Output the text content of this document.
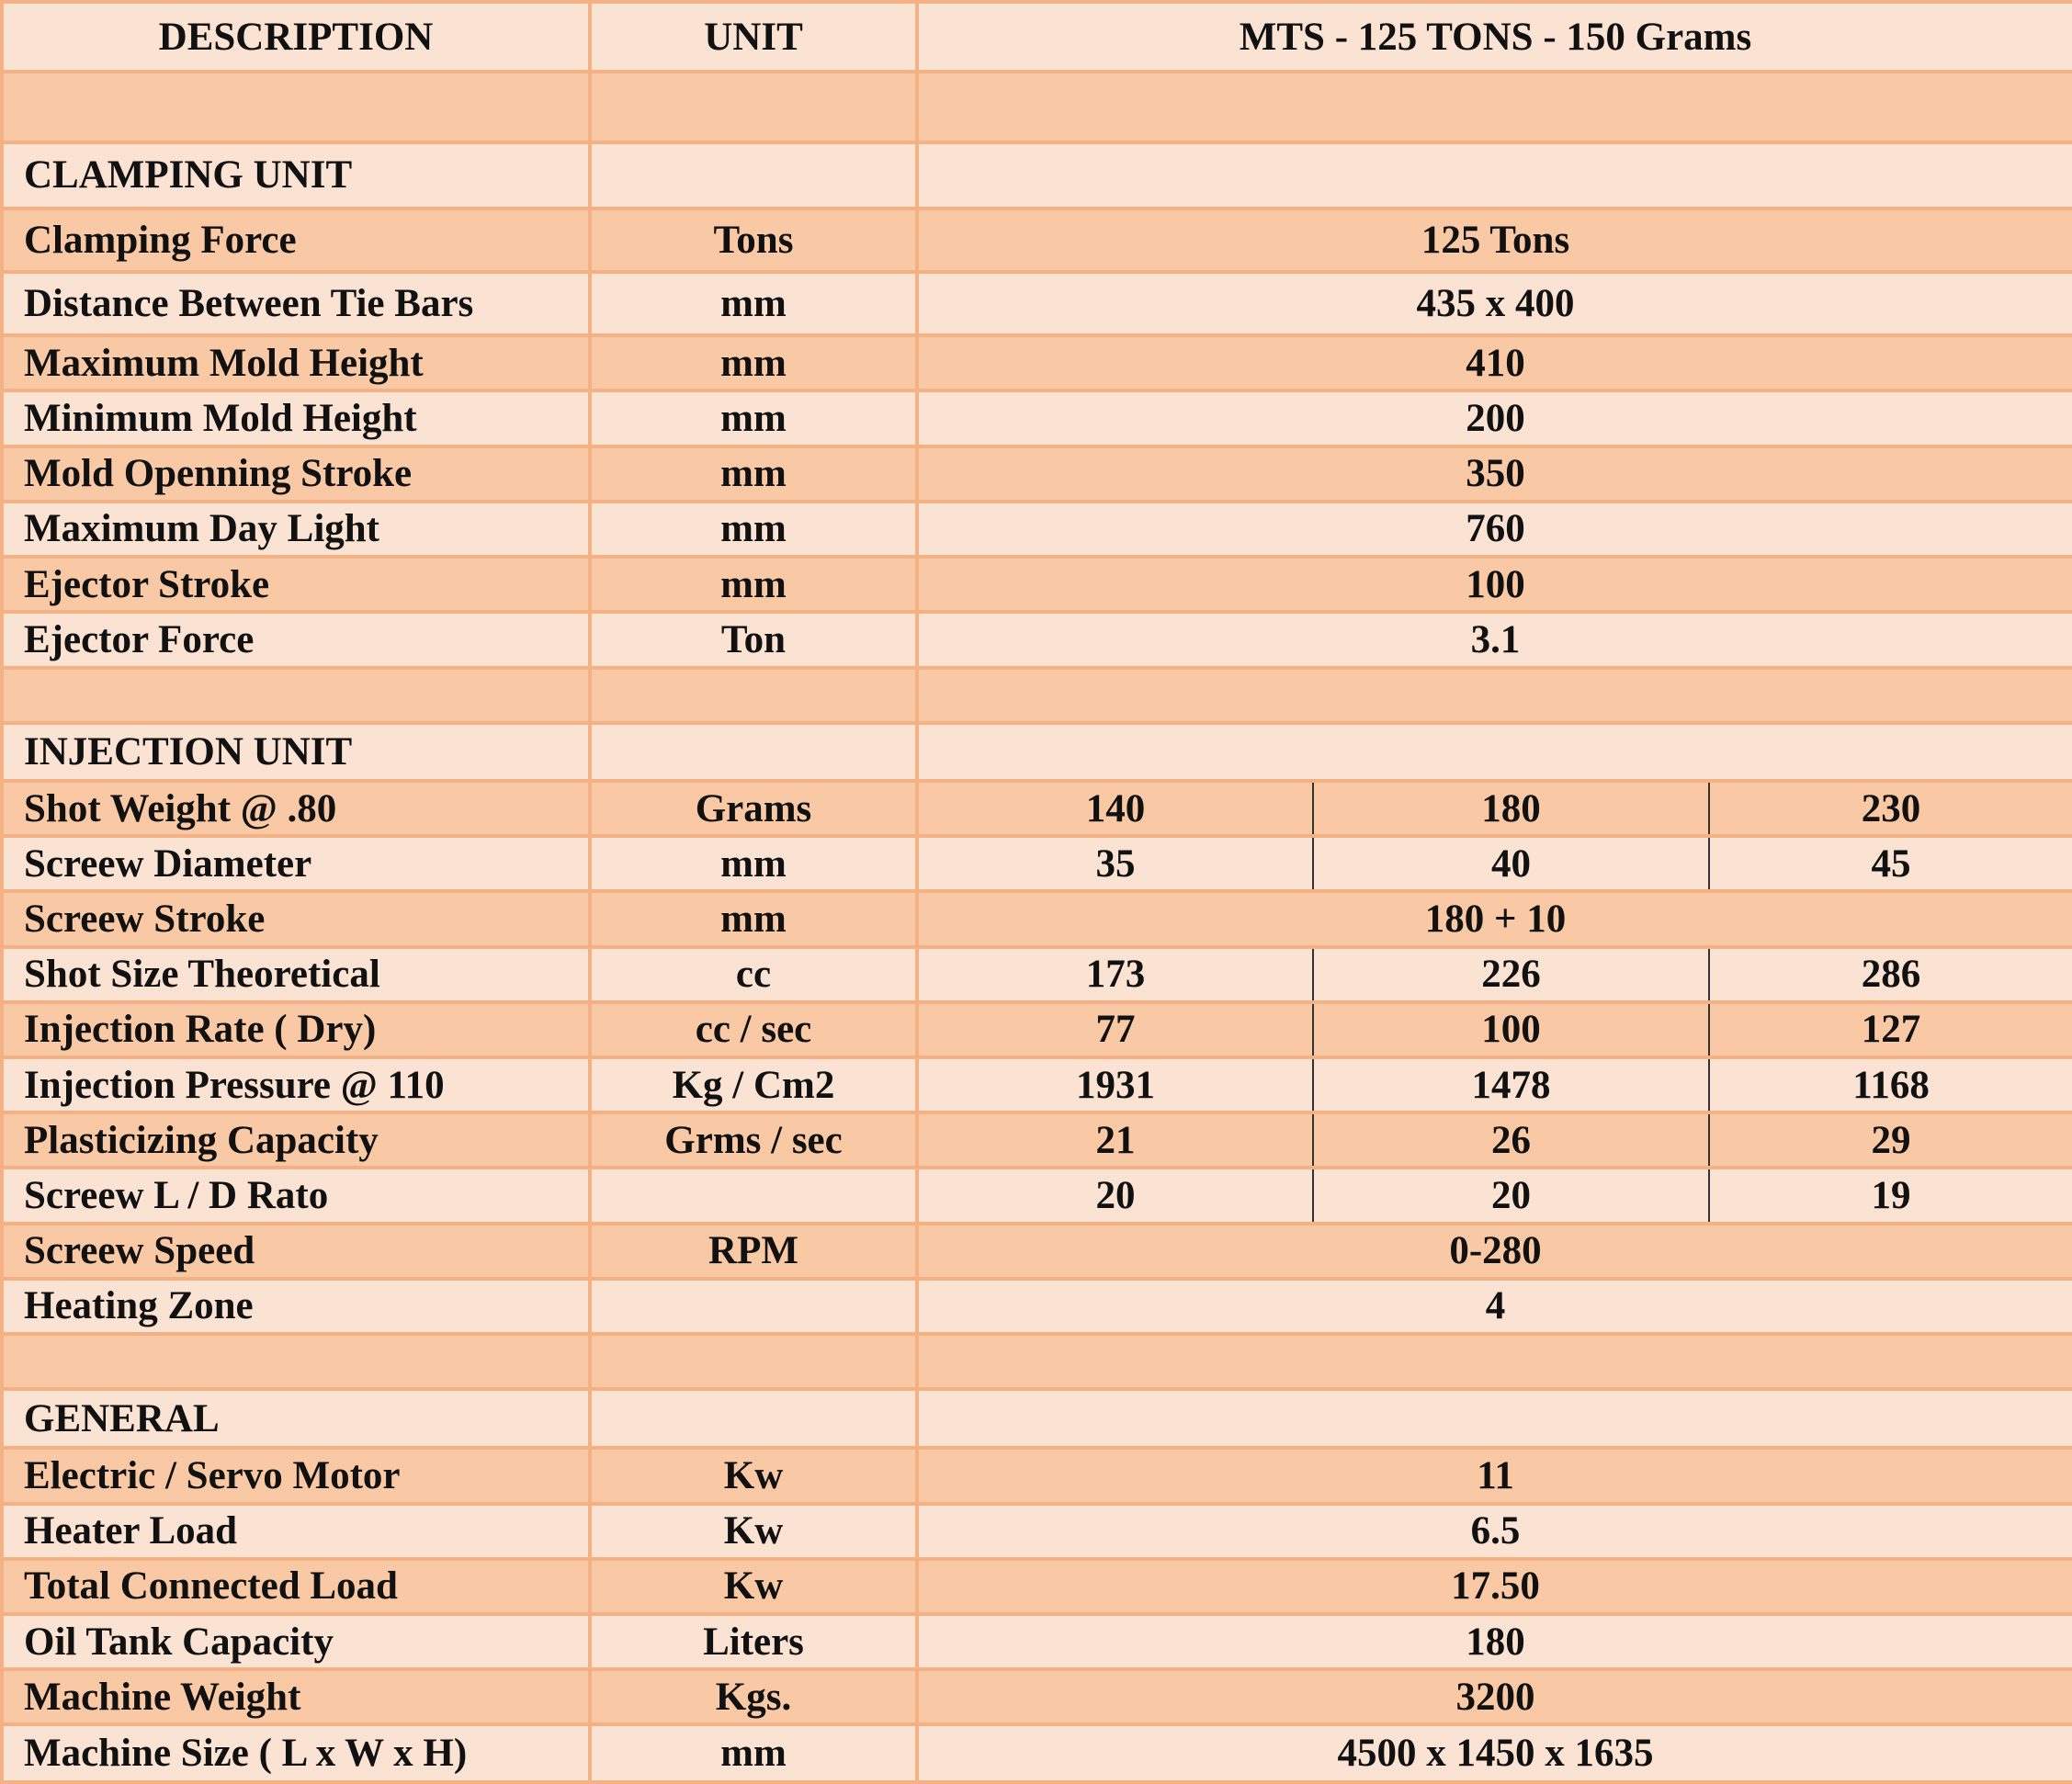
DESCRIPTION	UNIT	MTS - 125 TONS - 150 Grams		

CLAMPING UNIT				
Clamping Force	Tons	125 Tons		
Distance Between Tie Bars	mm	435 x 400		
Maximum Mold Height	mm	410		
Minimum Mold Height	mm	200		
Mold Openning Stroke	mm	350		
Maximum Day Light	mm	760		
Ejector Stroke	mm	100		
Ejector Force	Ton	3.1		

INJECTION UNIT				
Shot Weight @ .80	Grams	140	180	230
Screew Diameter	mm	35	40	45
Screew Stroke	mm	180 + 10		
Shot Size Theoretical	cc	173	226	286
Injection Rate ( Dry)	cc / sec	77	100	127
Injection Pressure @ 110	Kg / Cm2	1931	1478	1168
Plasticizing Capacity	Grms / sec	21	26	29
Screew L / D Rato		20	20	19
Screew Speed	RPM	0-280		
Heating Zone		4		

GENERAL				
Electric / Servo Motor	Kw	11		
Heater Load	Kw	6.5		
Total Connected Load	Kw	17.50		
Oil Tank Capacity	Liters	180		
Machine Weight	Kgs.	3200		
Machine Size ( L x W x H)	mm	4500 x 1450 x 1635		
